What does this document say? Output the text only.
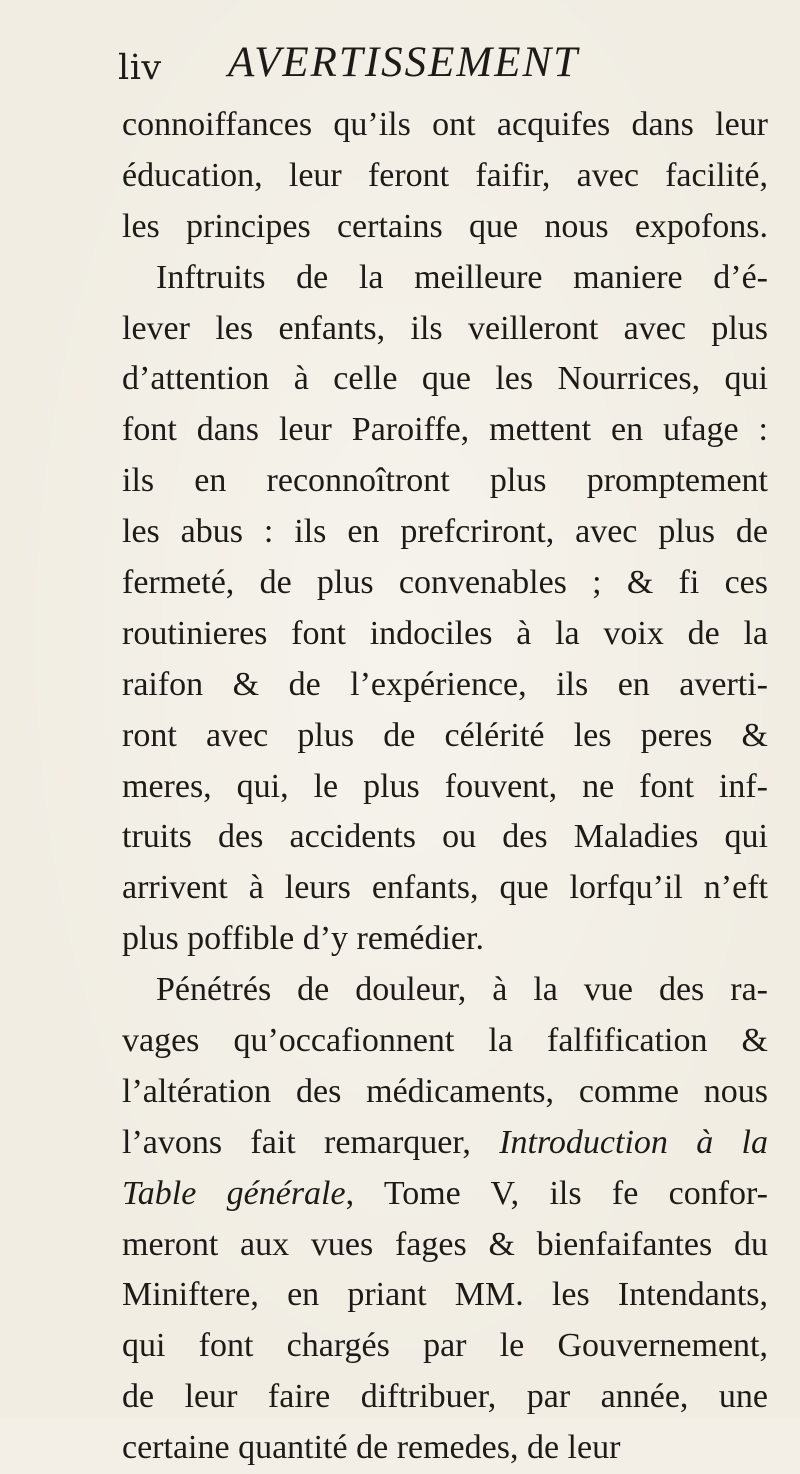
liv AVERTISSEMENT
connoiffances qu’ils ont acquifes dans leur
éducation, leur feront faifir, avec facilité,
les principes certains que nous expofons.
Inftruits de la meilleure maniere d’é-
lever les enfants, ils veilleront avec plus
d’attention à celle que les Nourrices, qui
font dans leur Paroiffe, mettent en ufage :
ils en reconnoîtront plus promptement
les abus : ils en prefcriront, avec plus de
fermeté, de plus convenables ; & fi ces
routinieres font indociles à la voix de la
raifon & de l’expérience, ils en averti-
ront avec plus de célérité les peres &
meres, qui, le plus fouvent, ne font inf-
truits des accidents ou des Maladies qui
arrivent à leurs enfants, que lorfqu’il n’eft
plus poffible d’y remédier.
Pénétrés de douleur, à la vue des ra-
vages qu’occafionnent la falfification &
l’altération des médicaments, comme nous
l’avons fait remarquer, Introduction à la
Table générale, Tome V, ils fe confor-
meront aux vues fages & bienfaifantes du
Miniftere, en priant MM. les Intendants,
qui font chargés par le Gouvernement,
de leur faire diftribuer, par année, une
certaine quantité de remedes, de leur
